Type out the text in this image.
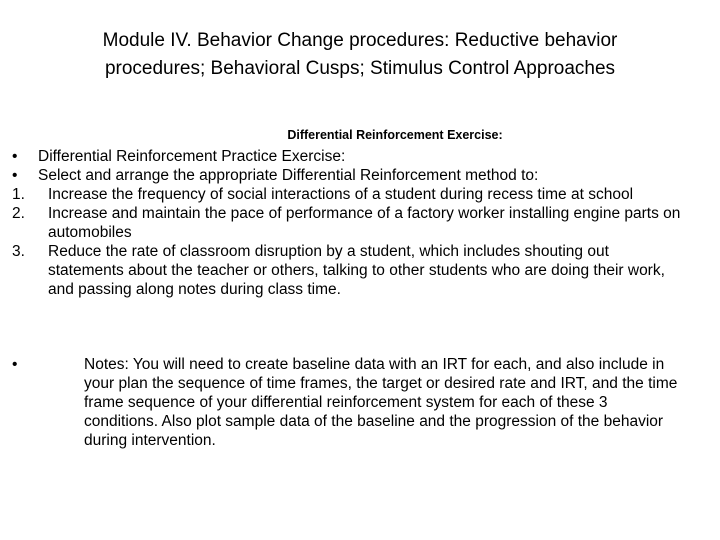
Module IV. Behavior Change procedures: Reductive behavior
procedures; Behavioral Cusps; Stimulus Control Approaches
Differential Reinforcement Exercise:
•	Differential Reinforcement Practice Exercise:
•	Select and arrange the appropriate Differential Reinforcement method to:
1.	Increase the frequency of social interactions of a student during recess time at school
2.	Increase and maintain the pace of performance of a factory worker installing engine parts on automobiles
3.	Reduce the rate of classroom disruption by a student, which includes shouting out statements about the teacher or others, talking to other students who are doing their work, and passing along notes during class time.
•	Notes: You will need to create baseline data with an IRT for each, and also include in your plan the sequence of time frames, the target or desired rate and IRT, and the time frame sequence of your differential reinforcement system for each of these 3 conditions. Also plot sample data of the baseline and the progression of the behavior during intervention.
